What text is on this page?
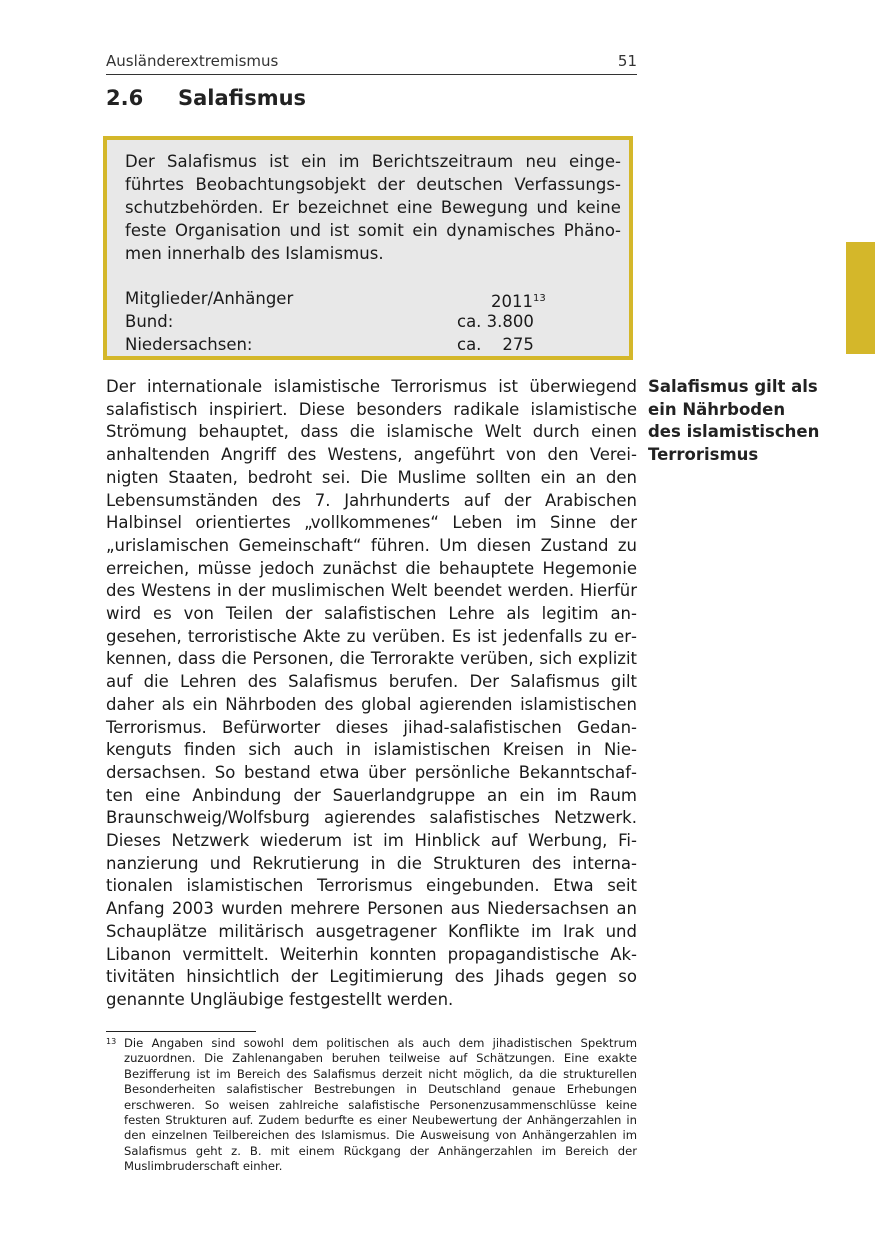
Ausländerextremismus	51
2.6 Salafismus

Der Salafismus ist ein im Berichtszeitraum neu eingeführtes Beobachtungsobjekt der deutschen Verfassungsschutzbehörden. Er bezeichnet eine Bewegung und keine feste Organisation und ist somit ein dynamisches Phänomen innerhalb des Islamismus.

Mitglieder/Anhänger	2011$^{13}$
Bund:	ca. 3.800
Niedersachsen:	ca.    275

Der internationale islamistische Terrorismus ist überwiegend salafistisch inspiriert. Diese besonders radikale islamistische Strömung behauptet, dass die islamische Welt durch einen anhaltenden Angriff des Westens, angeführt von den Vereinigten Staaten, bedroht sei. Die Muslime sollten ein an den Lebensumständen des 7. Jahrhunderts auf der Arabischen Halbinsel orientiertes „vollkommenes“ Leben im Sinne der „urislamischen Gemeinschaft“ führen. Um diesen Zustand zu erreichen, müsse jedoch zunächst die behauptete Hegemonie des Westens in der muslimischen Welt beendet werden. Hierfür wird es von Teilen der salafistischen Lehre als legitim angesehen, terroristische Akte zu verüben. Es ist jedenfalls zu erkennen, dass die Personen, die Terrorakte verüben, sich explizit auf die Lehren des Salafismus berufen. Der Salafismus gilt daher als ein Nährboden des global agierenden islamistischen Terrorismus. Befürworter dieses jihad-salafistischen Gedankenguts finden sich auch in islamistischen Kreisen in Niedersachsen. So bestand etwa über persönliche Bekanntschaften eine Anbindung der Sauerlandgruppe an ein im Raum Braunschweig/Wolfsburg agierendes salafistisches Netzwerk. Dieses Netzwerk wiederum ist im Hinblick auf Werbung, Finanzierung und Rekrutierung in die Strukturen des internationalen islamistischen Terrorismus eingebunden. Etwa seit Anfang 2003 wurden mehrere Personen aus Niedersachsen an Schauplätze militärisch ausgetragener Konflikte im Irak und Libanon vermittelt. Weiterhin konnten propagandistische Aktivitäten hinsichtlich der Legitimierung des Jihads gegen so genannte Ungläubige festgestellt werden.

Salafismus gilt als ein Nährboden des islamistischen Terrorismus

13 Die Angaben sind sowohl dem politischen als auch dem jihadistischen Spektrum zuzuordnen. Die Zahlenangaben beruhen teilweise auf Schätzungen. Eine exakte Bezifferung ist im Bereich des Salafismus derzeit nicht möglich, da die strukturellen Besonderheiten salafistischer Bestrebungen in Deutschland genaue Erhebungen erschweren. So weisen zahlreiche salafistische Personenzusammenschlüsse keine festen Strukturen auf. Zudem bedurfte es einer Neubewertung der Anhängerzahlen in den einzelnen Teilbereichen des Islamismus. Die Ausweisung von Anhängerzahlen im Salafismus geht z. B. mit einem Rückgang der Anhängerzahlen im Bereich der Muslimbruderschaft einher.
